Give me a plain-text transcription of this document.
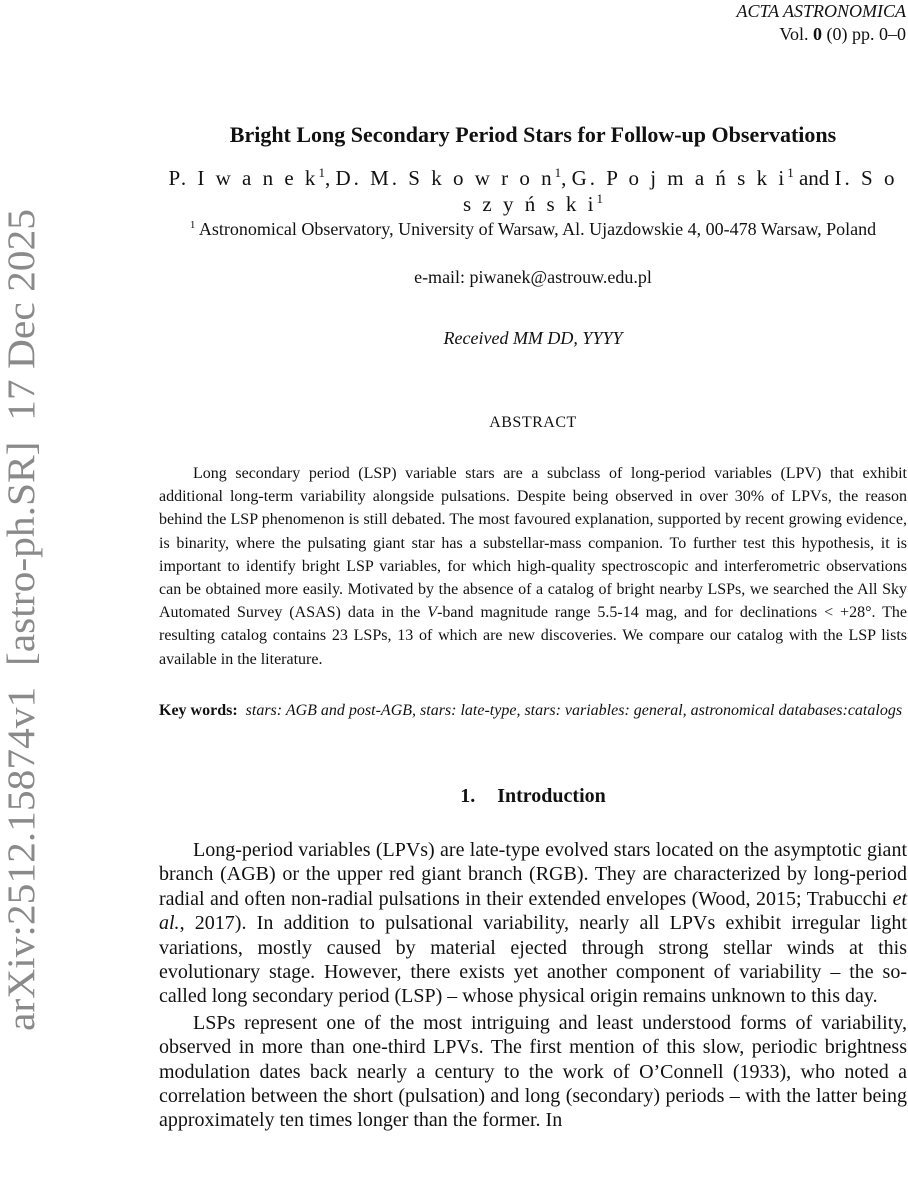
ACTA ASTRONOMICA
Vol. 0 (0) pp. 0–0
arXiv:2512.15874v1  [astro-ph.SR]  17 Dec 2025
Bright Long Secondary Period Stars for Follow-up Observations
P. I w a n e $k^1$, D. M. S k o w r o $n^1$, G. P o j m a ń s k $i^1$ and I. S o s z y ń s k $i^1$
$^1$ Astronomical Observatory, University of Warsaw, Al. Ujazdowskie 4, 00-478 Warsaw, Poland
e-mail: piwanek@astrouw.edu.pl
Received MM DD, YYYY
ABSTRACT

Long secondary period (LSP) variable stars are a subclass of long-period variables (LPV) that exhibit additional long-term variability alongside pulsations. Despite being observed in over 30% of LPVs, the reason behind the LSP phenomenon is still debated. The most favoured explanation, supported by recent growing evidence, is binarity, where the pulsating giant star has a substellar-mass companion. To further test this hypothesis, it is important to identify bright LSP variables, for which high-quality spectroscopic and interferometric observations can be obtained more easily. Motivated by the absence of a catalog of bright nearby LSPs, we searched the All Sky Automated Survey (ASAS) data in the V-band magnitude range 5.5-14 mag, and for declinations < +28°. The resulting catalog contains 23 LSPs, 13 of which are new discoveries. We compare our catalog with the LSP lists available in the literature.

Key words: stars: AGB and post-AGB, stars: late-type, stars: variables: general, astronomical databases:catalogs

1. Introduction

Long-period variables (LPVs) are late-type evolved stars located on the asymptotic giant branch (AGB) or the upper red giant branch (RGB). They are characterized by long-period radial and often non-radial pulsations in their extended envelopes (Wood, 2015; Trabucchi et al., 2017). In addition to pulsational variability, nearly all LPVs exhibit irregular light variations, mostly caused by material ejected through strong stellar winds at this evolutionary stage. However, there exists yet another component of variability – the so-called long secondary period (LSP) – whose physical origin remains unknown to this day.

LSPs represent one of the most intriguing and least understood forms of variability, observed in more than one-third LPVs. The first mention of this slow, periodic brightness modulation dates back nearly a century to the work of O’Connell (1933), who noted a correlation between the short (pulsation) and long (secondary) periods – with the latter being approximately ten times longer than the former. In
